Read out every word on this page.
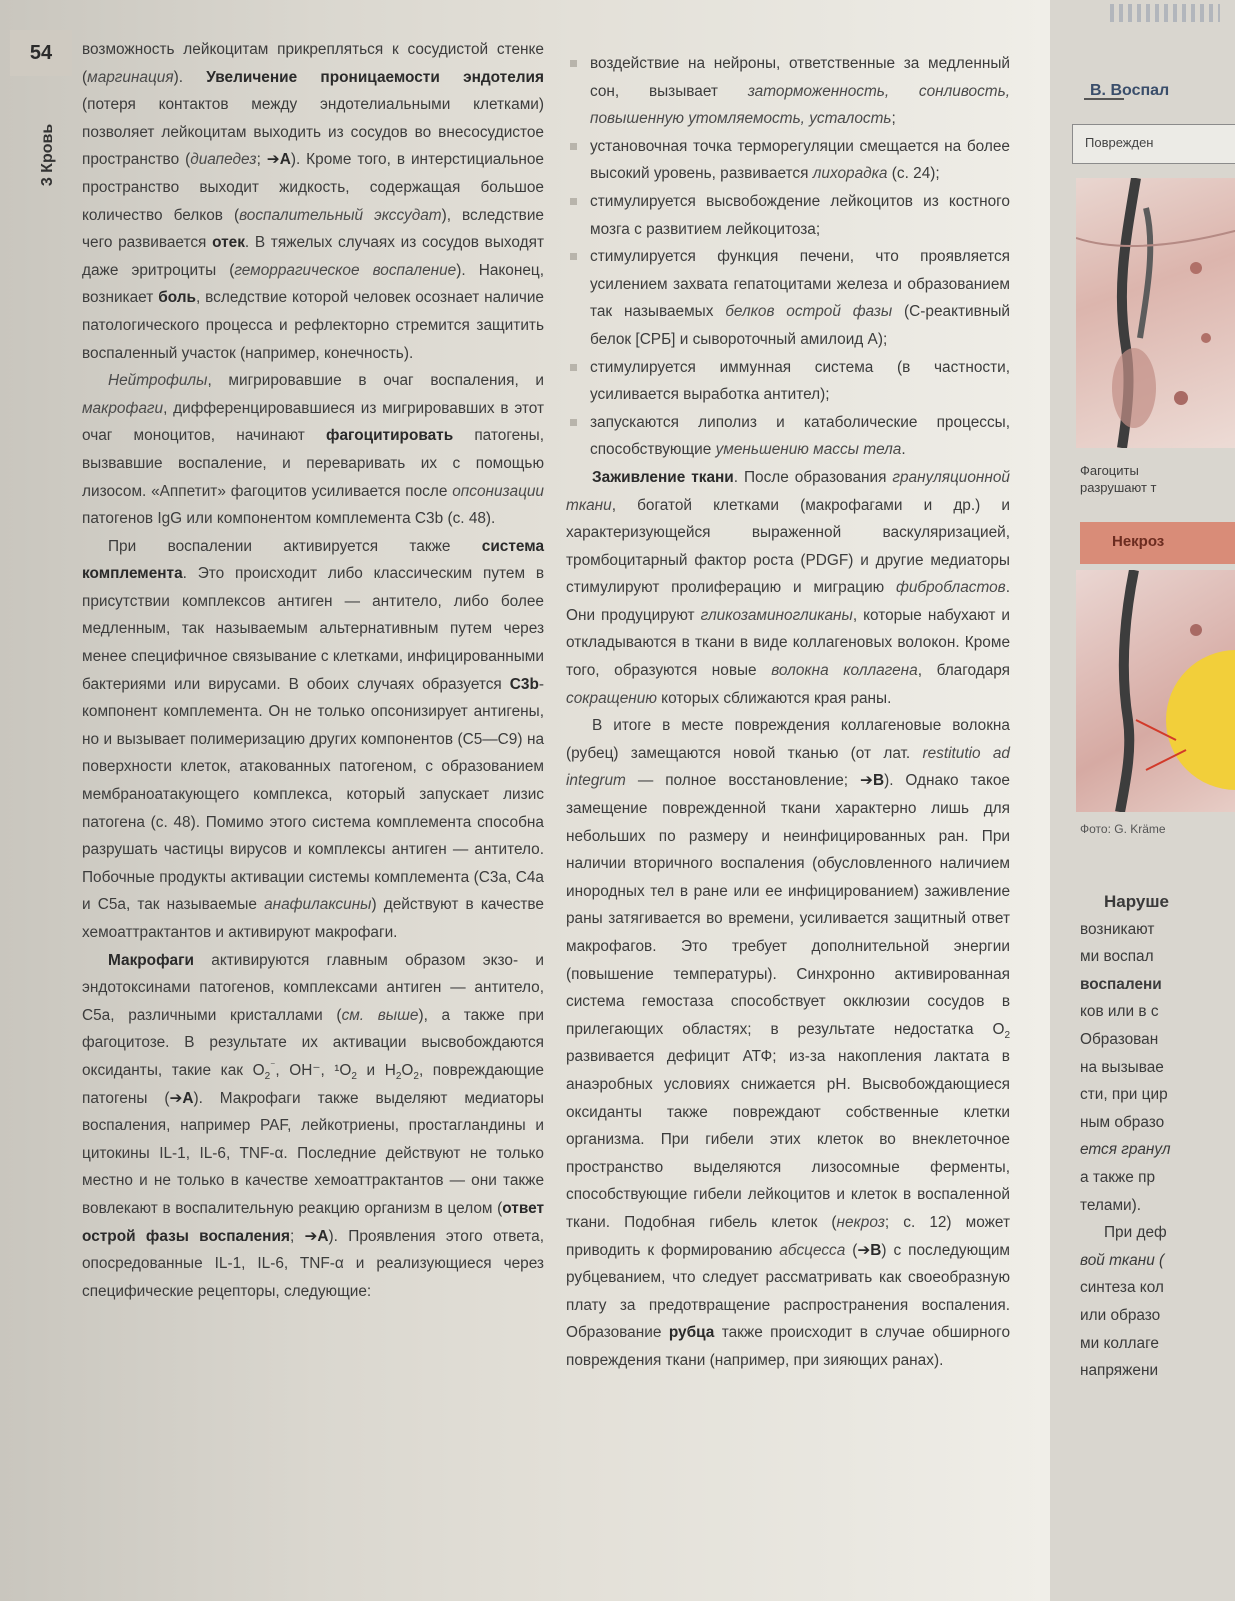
54
3 Кровь

возможность лейкоцитам прикрепляться к сосудистой стенке (маргинация). Увеличение проницаемости эндотелия (потеря контактов между эндотелиальными клетками) позволяет лейкоцитам выходить из сосудов во внесосудистое пространство (диапедез; ➔A). Кроме того, в интерстициальное пространство выходит жидкость, содержащая большое количество белков (воспалительный экссудат), вследствие чего развивается отек. В тяжелых случаях из сосудов выходят даже эритроциты (геморрагическое воспаление). Наконец, возникает боль, вследствие которой человек осознает наличие патологического процесса и рефлекторно стремится защитить воспаленный участок (например, конечность).

Нейтрофилы, мигрировавшие в очаг воспаления, и макрофаги, дифференцировавшиеся из мигрировавших в этот очаг моноцитов, начинают фагоцитировать патогены, вызвавшие воспаление, и переваривать их с помощью лизосом. «Аппетит» фагоцитов усиливается после опсонизации патогенов IgG или компонентом комплемента C3b (с. 48).

При воспалении активируется также система комплемента. Это происходит либо классическим путем в присутствии комплексов антиген — антитело, либо более медленным, так называемым альтернативным путем через менее специфичное связывание с клетками, инфицированными бактериями или вирусами. В обоих случаях образуется C3b-компонент комплемента. Он не только опсонизирует антигены, но и вызывает полимеризацию других компонентов (C5—C9) на поверхности клеток, атакованных патогеном, с образованием мембраноатакующего комплекса, который запускает лизис патогена (с. 48). Помимо этого система комплемента способна разрушать частицы вирусов и комплексы антиген — антитело. Побочные продукты активации системы комплемента (C3a, C4a и C5a, так называемые анафилаксины) действуют в качестве хемоаттрактантов и активируют макрофаги.

Макрофаги активируются главным образом экзо- и эндотоксинами патогенов, комплексами антиген — антитело, C5a, различными кристаллами (см. выше), а также при фагоцитозе. В результате их активации высвобождаются оксиданты, такие как $O_2^{^-}$, OH⁻, $^1O_2$ и $H_2O_2$, повреждающие патогены (➔A). Макрофаги также выделяют медиаторы воспаления, например PAF, лейкотриены, простагландины и цитокины IL-1, IL-6, TNF-α. Последние действуют не только местно и не только в качестве хемоаттрактантов — они также вовлекают в воспалительную реакцию организм в целом (ответ острой фазы воспаления; ➔A). Проявления этого ответа, опосредованные IL-1, IL-6, TNF-α и реализующиеся через специфические рецепторы, следующие:

воздействие на нейроны, ответственные за медленный сон, вызывает заторможенность, сонливость, повышенную утомляемость, усталость;
установочная точка терморегуляции смещается на более высокий уровень, развивается лихорадка (с. 24);
стимулируется высвобождение лейкоцитов из костного мозга с развитием лейкоцитоза;
стимулируется функция печени, что проявляется усилением захвата гепатоцитами железа и образованием так называемых белков острой фазы (C-реактивный белок [CРБ] и сывороточный амилоид A);
стимулируется иммунная система (в частности, усиливается выработка антител);
запускаются липолиз и катаболические процессы, способствующие уменьшению массы тела.

Заживление ткани. После образования грануляционной ткани, богатой клетками (макрофагами и др.) и характеризующейся выраженной васкуляризацией, тромбоцитарный фактор роста (PDGF) и другие медиаторы стимулируют пролиферацию и миграцию фибробластов. Они продуцируют гликозаминогликаны, которые набухают и откладываются в ткани в виде коллагеновых волокон. Кроме того, образуются новые волокна коллагена, благодаря сокращению которых сближаются края раны.

В итоге в месте повреждения коллагеновые волокна (рубец) замещаются новой тканью (от лат. restitutio ad integrum — полное восстановление; ➔B). Однако такое замещение поврежденной ткани характерно лишь для небольших по размеру и неинфицированных ран. При наличии вторичного воспаления (обусловленного наличием инородных тел в ране или ее инфицированием) заживление раны затягивается во времени, усиливается защитный ответ макрофагов. Это требует дополнительной энергии (повышение температуры). Синхронно активированная система гемостаза способствует окклюзии сосудов в прилегающих областях; в результате недостатка $O_2$ развивается дефицит АТФ; из-за накопления лактата в анаэробных условиях снижается pH. Высвобождающиеся оксиданты также повреждают собственные клетки организма. При гибели этих клеток во внеклеточное пространство выделяются лизосомные ферменты, способствующие гибели лейкоцитов и клеток в воспаленной ткани. Подобная гибель клеток (некроз; с. 12) может приводить к формированию абсцесса (➔B) с последующим рубцеванием, что следует рассматривать как своеобразную плату за предотвращение распространения воспаления. Образование рубца также происходит в случае обширного повреждения ткани (например, при зияющих ранах).

B. Воспал
Поврежден
Фагоциты
разрушают т
Некроз
Фото: G. Kräme
Наруше
возникают
ми воспал
воспалени
ков или в с
Образован
на вызывае
сти, при цир
ным образо
ется гранул
а также пр
телами).
При деф
вой ткани (
синтеза кол
или образо
ми коллаге
напряжени
